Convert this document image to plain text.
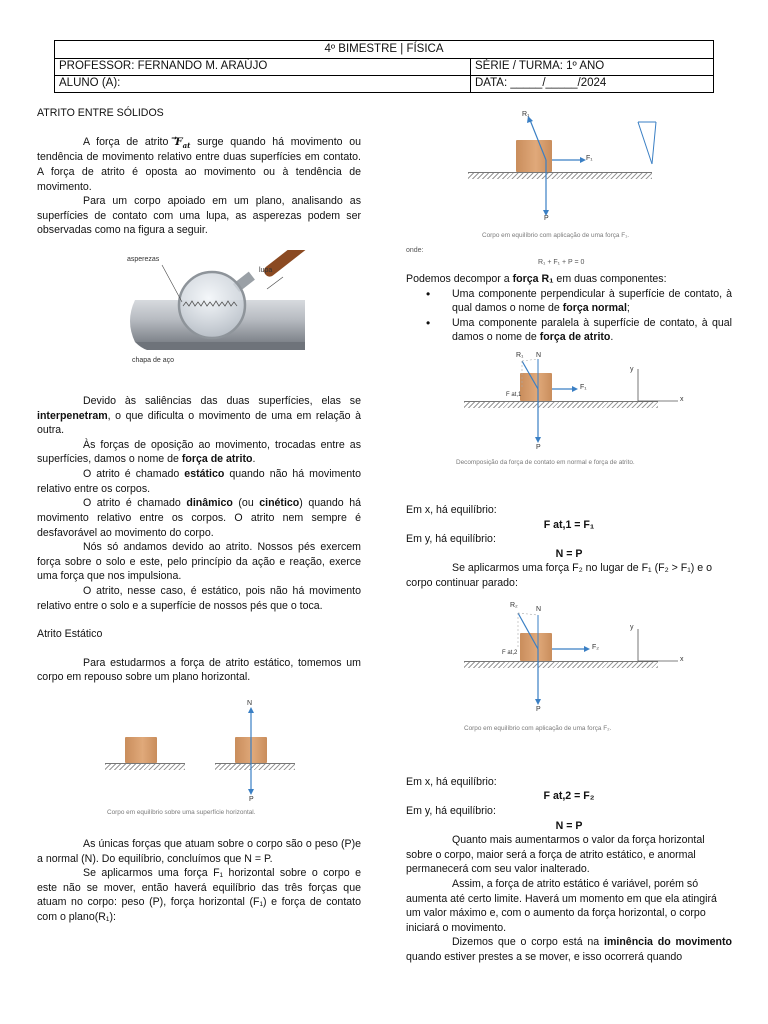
4º BIMESTRE | FÍSICA
PROFESSOR: FERNANDO M. ARAÚJO	SÉRIE / TURMA: 1º ANO
ALUNO (A):	DATA: _____/_____/2024

ATRITO ENTRE SÓLIDOS

A força de atrito $F_{at}$ surge quando há movimento ou tendência de movimento relativo entre duas superfícies em contato. A força de atrito é oposta ao movimento ou à tendência de movimento.

Para um corpo apoiado em um plano, analisando as superfícies de contato com uma lupa, as asperezas podem ser observadas como na figura a seguir.

asperezas
lupa
chapa de aço

Devido às saliências das duas superfícies, elas se interpenetram, o que dificulta o movimento de uma em relação à outra.

Às forças de oposição ao movimento, trocadas entre as superfícies, damos o nome de força de atrito.

O atrito é chamado estático quando não há movimento relativo entre os corpos.

O atrito é chamado dinâmico (ou cinético) quando há movimento relativo entre os corpos. O atrito nem sempre é desfavorável ao movimento do corpo.

Nós só andamos devido ao atrito. Nossos pés exercem força sobre o solo e este, pelo princípio da ação e reação, exerce uma força que nos impulsiona.

O atrito, nesse caso, é estático, pois não há movimento relativo entre o solo e a superfície de nossos pés que o toca.

Atrito Estático

Para estudarmos a força de atrito estático, tomemos um corpo em repouso sobre um plano horizontal.

N
P
Corpo em equilíbrio sobre uma superfície horizontal.

As únicas forças que atuam sobre o corpo são o peso (P)e a normal (N). Do equilíbrio, concluímos que N = P.

Se aplicarmos uma força F₁ horizontal sobre o corpo e este não se mover, então haverá equilíbrio das três forças que atuam no corpo: peso (P), força horizontal (F₁) e força de contato com o plano(R₁):

R₁
F₁
P
Corpo em equilíbrio com aplicação de uma força F₁.
onde:
R₁ + F₁ + P = 0

Podemos decompor a força R₁ em duas componentes:

• Uma componente perpendicular à superfície de contato, à qual damos o nome de força normal;
• Uma componente paralela à superfície de contato, à qual damos o nome de força de atrito.
R₁ N
F₁
F at,1
P
x
y
Decomposição da força de contato em normal e força de atrito.

Em x, há equilíbrio:

F at,1 = F₁

Em y, há equilíbrio:

N = P

Se aplicarmos uma força F₂ no lugar de F₁ (F₂ > F₁) e o corpo continuar parado:

R₂
N
F₂
F at,2
P
x
y
Corpo em equilíbrio com aplicação de uma força F₂.

Em x, há equilíbrio:

F at,2 = F₂

Em y, há equilíbrio:

N = P

Quanto mais aumentarmos o valor da força horizontal sobre o corpo, maior será a força de atrito estático, e anormal permanecerá com seu valor inalterado.

Assim, a força de atrito estático é variável, porém só aumenta até certo limite. Haverá um momento em que ela atingirá um valor máximo e, com o aumento da força horizontal, o corpo iniciará o movimento.

Dizemos que o corpo está na iminência do movimento quando estiver prestes a se mover, e isso ocorrerá quando
